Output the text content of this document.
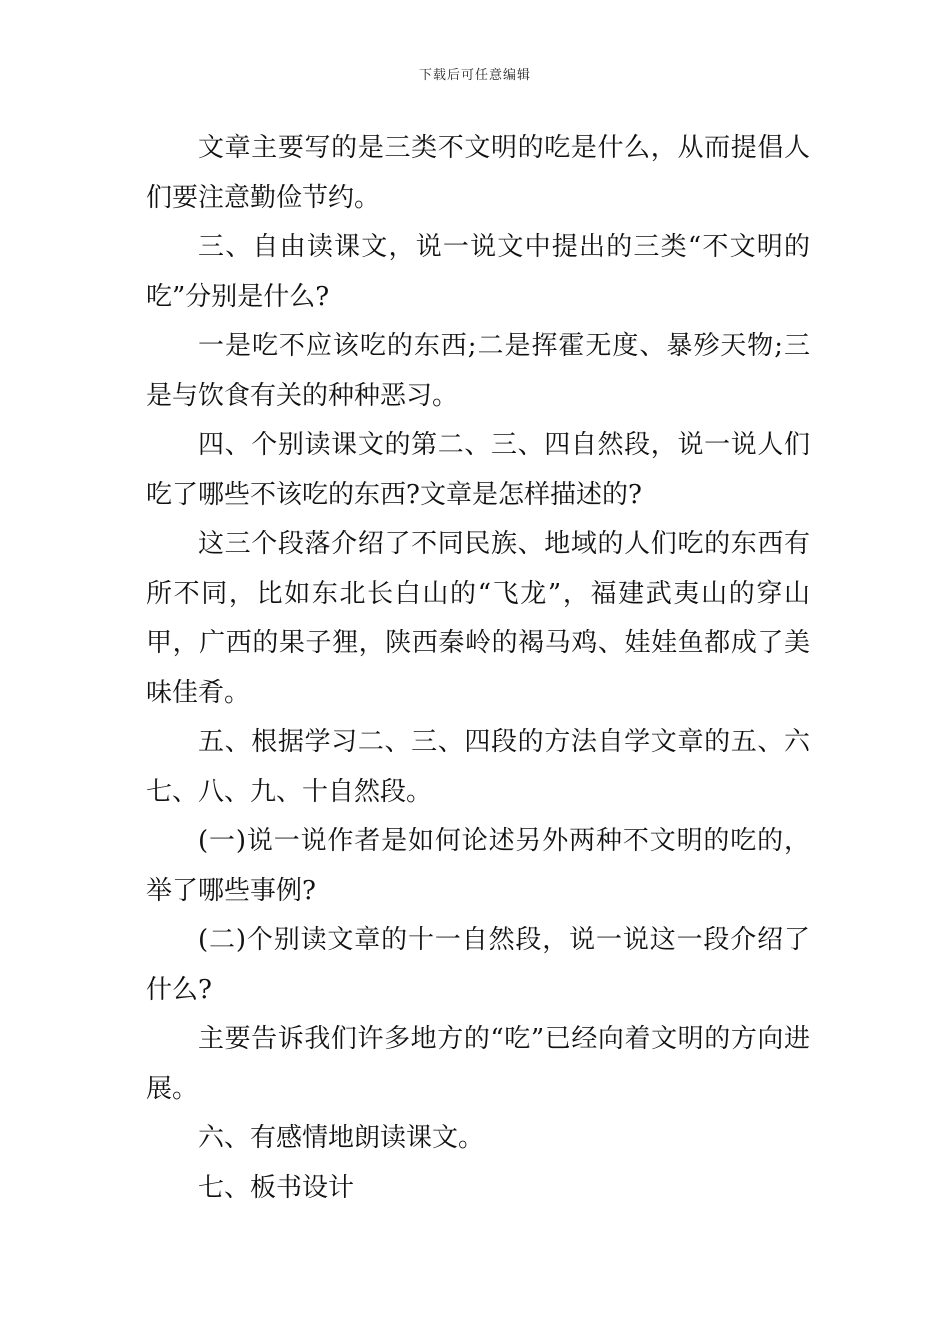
下载后可任意编辑

文章主要写的是三类不文明的吃是什么，从而提倡人们要注意勤俭节约。

三、自由读课文，说一说文中提出的三类“不文明的吃”分别是什么?

一是吃不应该吃的东西;二是挥霍无度、暴殄天物;三是与饮食有关的种种恶习。

四、个别读课文的第二、三、四自然段，说一说人们吃了哪些不该吃的东西?文章是怎样描述的?

这三个段落介绍了不同民族、地域的人们吃的东西有所不同，比如东北长白山的“飞龙”，福建武夷山的穿山甲，广西的果子狸，陕西秦岭的褐马鸡、娃娃鱼都成了美味佳肴。

五、根据学习二、三、四段的方法自学文章的五、六七、八、九、十自然段。

(一)说一说作者是如何论述另外两种不文明的吃的，举了哪些事例?

(二)个别读文章的十一自然段，说一说这一段介绍了什么?

主要告诉我们许多地方的“吃”已经向着文明的方向进展。

六、有感情地朗读课文。

七、板书设计
